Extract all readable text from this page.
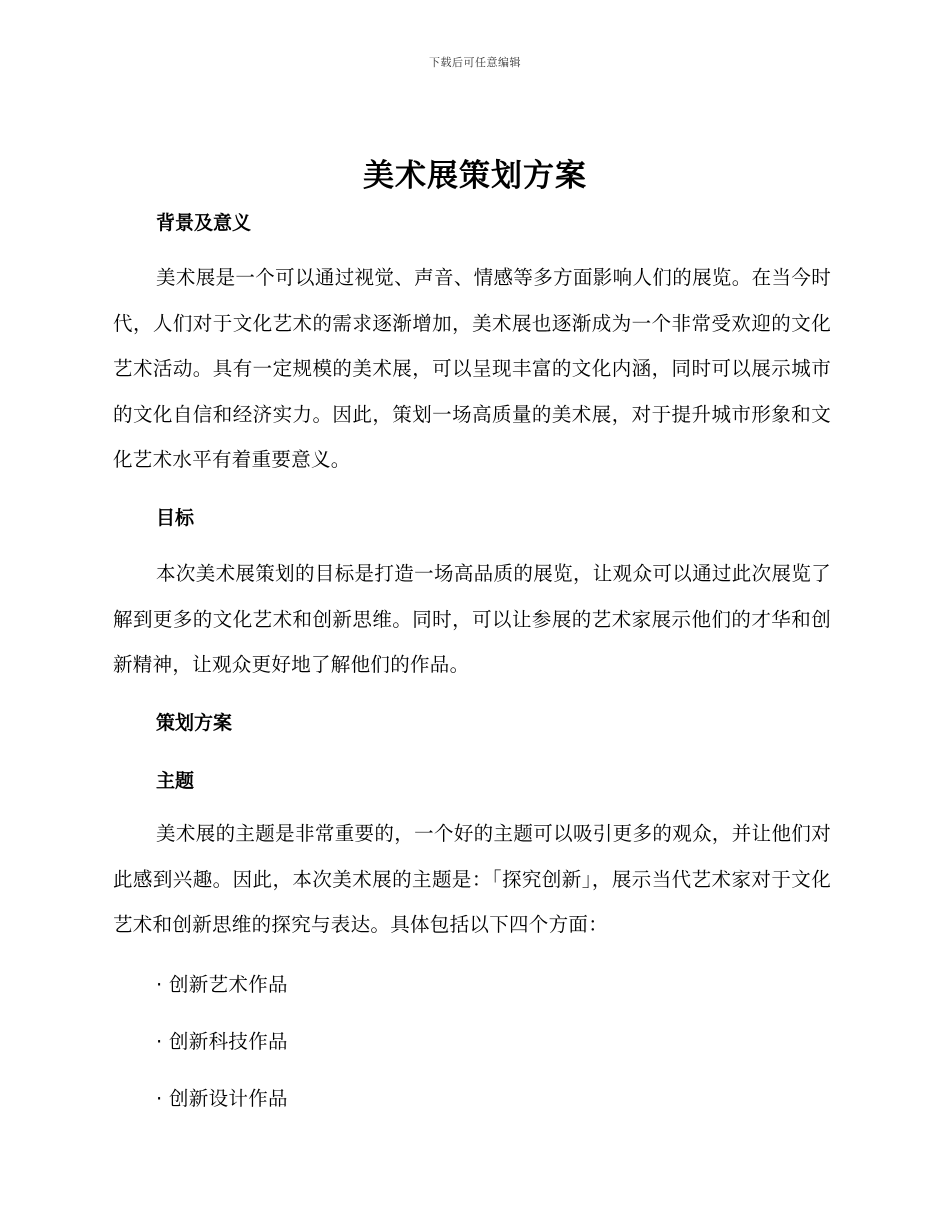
下载后可任意编辑
美术展策划方案
背景及意义

美术展是一个可以通过视觉、声音、情感等多方面影响人们的展览。在当今时代，人们对于文化艺术的需求逐渐增加，美术展也逐渐成为一个非常受欢迎的文化艺术活动。具有一定规模的美术展，可以呈现丰富的文化内涵，同时可以展示城市的文化自信和经济实力。因此，策划一场高质量的美术展，对于提升城市形象和文化艺术水平有着重要意义。

目标

本次美术展策划的目标是打造一场高品质的展览，让观众可以通过此次展览了解到更多的文化艺术和创新思维。同时，可以让参展的艺术家展示他们的才华和创新精神，让观众更好地了解他们的作品。

策划方案
主题

美术展的主题是非常重要的，一个好的主题可以吸引更多的观众，并让他们对此感到兴趣。因此，本次美术展的主题是：「探究创新」，展示当代艺术家对于文化艺术和创新思维的探究与表达。具体包括以下四个方面：

· 创新艺术作品

· 创新科技作品

· 创新设计作品
